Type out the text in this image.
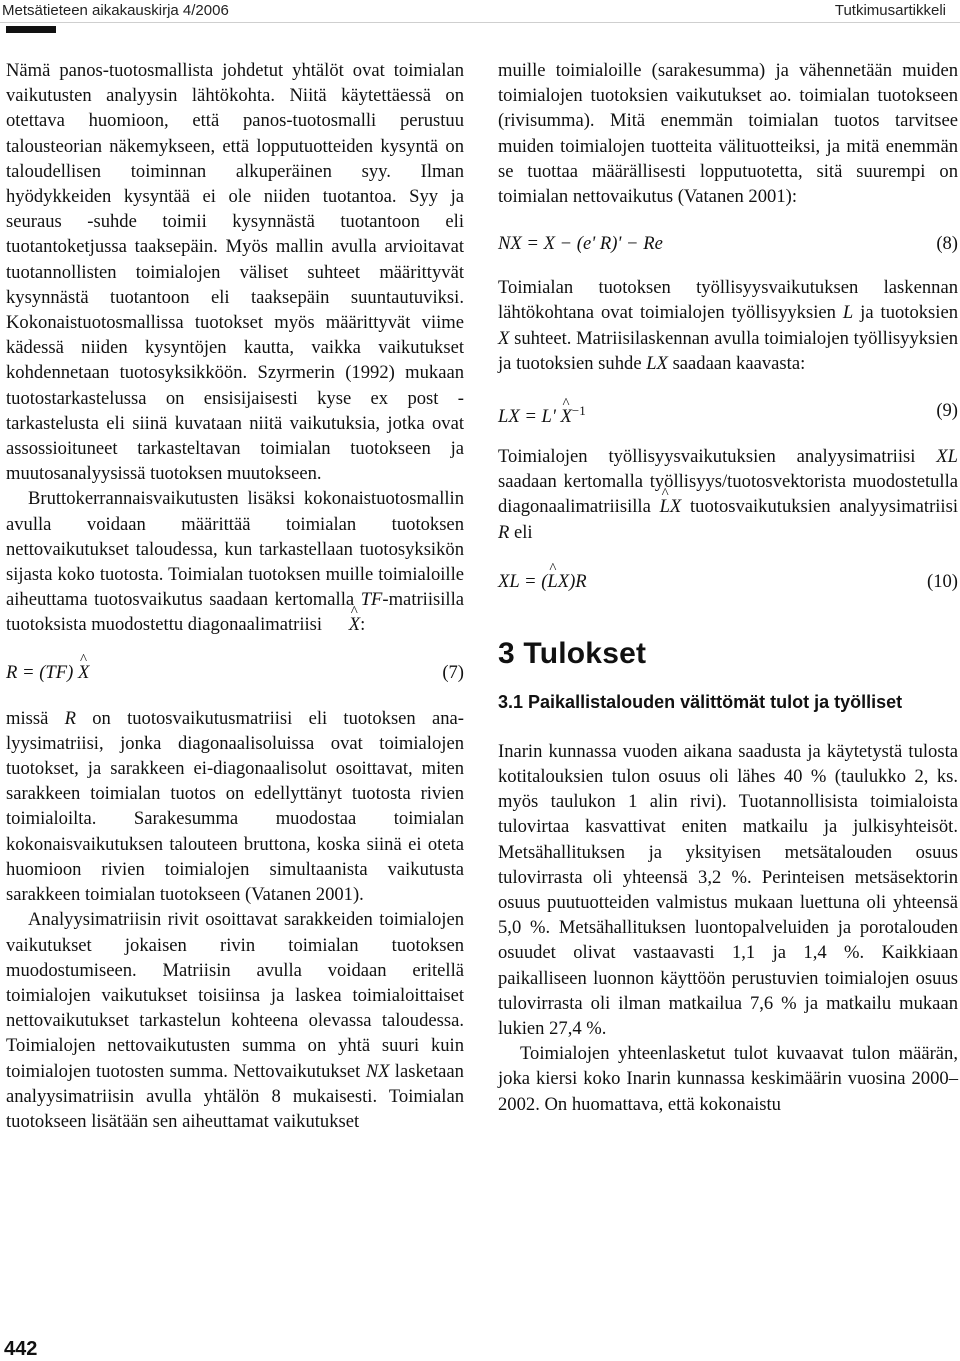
Metsätieteen aikakauskirja 4/2006	Tutkimusartikkeli

Nämä panos-tuotosmallista johdetut yhtälöt ovat toimialan vaikutusten analyysin lähtökohta. Niitä käytettäessä on otettava huomioon, että panos-tuotosmalli perustuu talousteorian näkemykseen, että lopputuotteiden kysyntä on taloudellisen toiminnan alkuperäinen syy. Ilman hyödykkeiden kysyntää ei ole niiden tuotantoa. Syy ja seuraus -suhde toimii kysynnästä tuotantoon eli tuotantoketjussa taaksepäin. Myös mallin avulla arvioitavat tuotannollisten toimialojen väliset suhteet määrittyvät kysynnästä tuotantoon eli taaksepäin suuntautuviksi. Kokonaistuotosmallissa tuotokset myös määrittyvät viime kädessä niiden kysyntöjen kautta, vaikka vaikutukset kohdennetaan tuotosyksikköön. Szyrmerin (1992) mukaan tuotostarkastelussa on ensisijaisesti kyse ex post -tarkastelusta eli siinä kuvataan niitä vaikutuksia, jotka ovat assossioituneet tarkasteltavan toimialan tuotokseen ja muutosanalyysissä tuotoksen muutokseen.

Bruttokerrannaisvaikutusten lisäksi kokonaistuotosmallin avulla voidaan määrittää toimialan tuotoksen nettovaikutukset taloudessa, kun tarkastellaan tuotosyksikön sijasta koko tuotosta. Toimialan tuotoksen muille toimialoille aiheuttama tuotosvaikutus saadaan kertomalla TF-matriisilla tuotoksista muodostettu diagonaalimatriisi ^ X:

R = (TF) ^ X	(7)

missä R on tuotosvaikutusmatriisi eli tuotoksen analyysimatriisi, jonka diagonaalisoluissa ovat toimialojen tuotokset, ja sarakkeen ei-diagonaalisolut osoittavat, miten sarakkeen toimialan tuotos on edellyttänyt tuotosta rivien toimialoilta. Sarakesumma muodostaa toimialan kokonaisvaikutuksen talouteen bruttona, koska siinä ei oteta huomioon rivien toimialojen simultaanista vaikutusta sarakkeen toimialan tuotokseen (Vatanen 2001).

Analyysimatriisin rivit osoittavat sarakkeiden toimialojen vaikutukset jokaisen rivin toimialan tuotoksen muodostumiseen. Matriisin avulla voidaan eritellä toimialojen vaikutukset toisiinsa ja laskea toimialoittaiset nettovaikutukset tarkastelun kohteena olevassa taloudessa. Toimialojen nettovaikutusten summa on yhtä suuri kuin toimialojen tuotosten summa. Nettovaikutukset NX lasketaan analyysimatriisin avulla yhtälön 8 mukaisesti. Toimialan tuotokseen lisätään sen aiheuttamat vaikutukset

muille toimialoille (sarakesumma) ja vähennetään muiden toimialojen tuotoksien vaikutukset ao. toimialan tuotokseen (rivisumma). Mitä enemmän toimialan tuotos tarvitsee muiden toimialojen tuotteita välituotteiksi, ja mitä enemmän se tuottaa määrällisesti lopputuotetta, sitä suurempi on toimialan nettovaikutus (Vatanen 2001):

NX = X − (e' R)' − Re	(8)

Toimialan tuotoksen työllisyysvaikutuksen laskennan lähtökohtana ovat toimialojen työllisyyksien L ja tuotoksien X suhteet. Matriisilaskennan avulla toimialojen työllisyyksien ja tuotoksien suhde LX saadaan kaavasta:

LX = L' ^ $X^{-1}$	(9)

Toimialojen työllisyysvaikutuksien analyysimatriisi XL saadaan kertomalla työllisyys/tuotosvektorista muodostetulla diagonaalimatriisilla ^ LX tuotosvaikutuksien analyysimatriisi R eli

XL = (^ LX)R	(10)
3 Tulokset
3.1 Paikallistalouden välittömät tulot ja työlliset

Inarin kunnassa vuoden aikana saadusta ja käytetystä tulosta kotitalouksien tulon osuus oli lähes 40 % (taulukko 2, ks. myös taulukon 1 alin rivi). Tuotannollisista toimialoista tulovirtaa kasvattivat eniten matkailu ja julkisyhteisöt. Metsähallituksen ja yksityisen metsätalouden osuus tulovirrasta oli yhteensä 3,2 %. Perinteisen metsäsektorin osuus puutuotteiden valmistus mukaan luettuna oli yhteensä 5,0 %. Metsähallituksen luontopalveluiden ja porotalouden osuudet olivat vastaavasti 1,1 ja 1,4 %. Kaikkiaan paikalliseen luonnon käyttöön perustuvien toimialojen osuus tulovirrasta oli ilman matkailua 7,6 % ja matkailu mukaan lukien 27,4 %.

Toimialojen yhteenlasketut tulot kuvaavat tulon määrän, joka kiersi koko Inarin kunnassa keskimäärin vuosina 2000–2002. On huomattava, että kokonaistu

442
